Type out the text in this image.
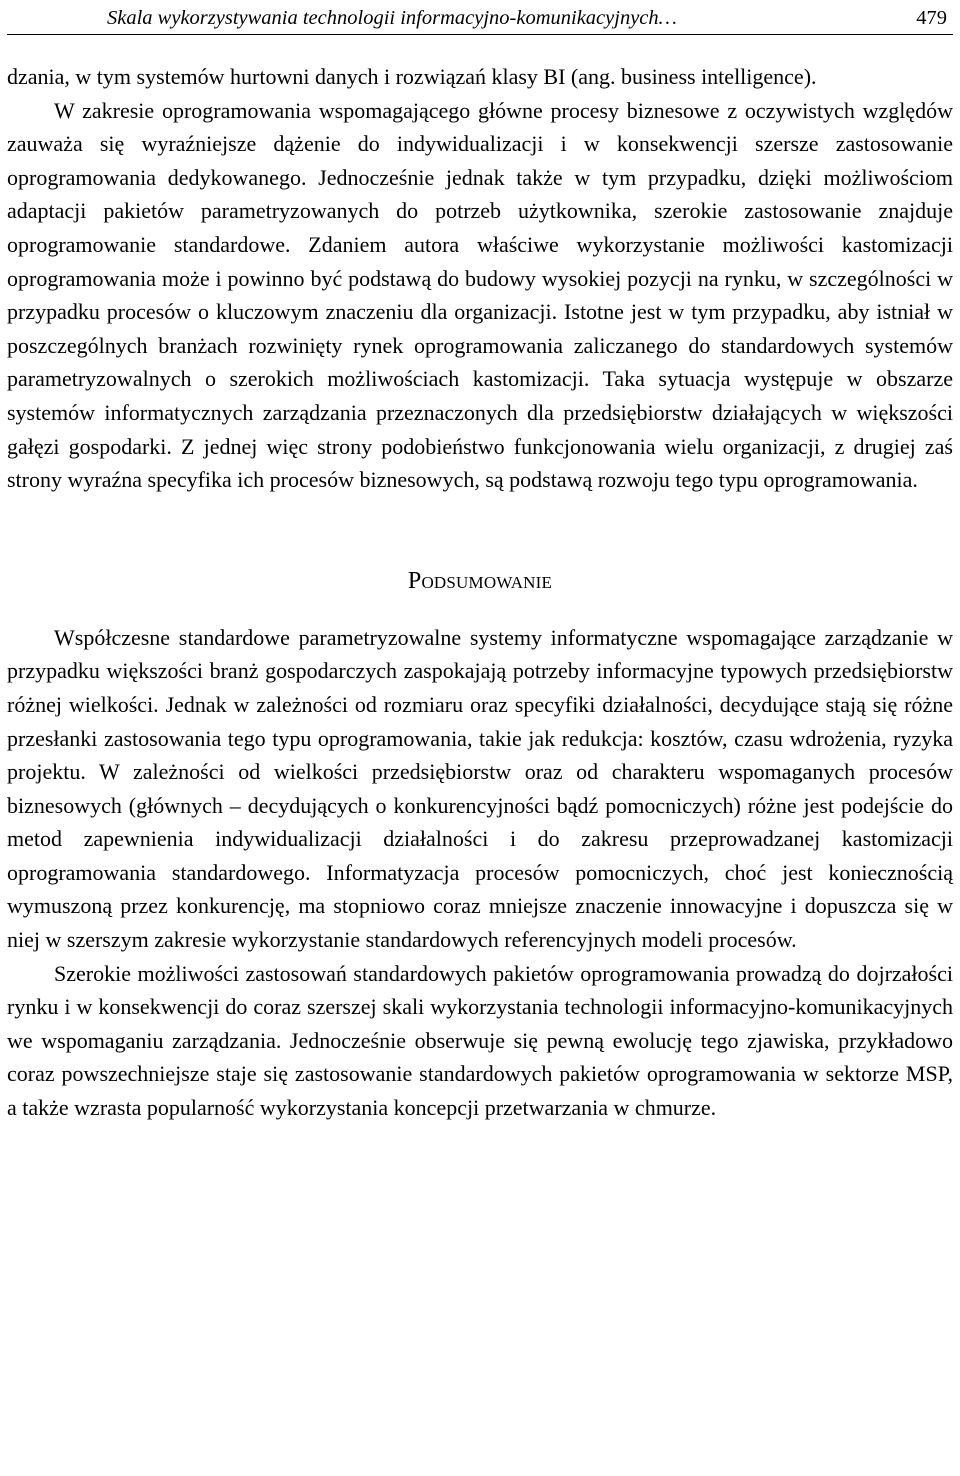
Skala wykorzystywania technologii informacyjno-komunikacyjnych…	479

dzania, w tym systemów hurtowni danych i rozwiązań klasy BI (ang. business intelligence).

W zakresie oprogramowania wspomagającego główne procesy biznesowe z oczywistych względów zauważa się wyraźniejsze dążenie do indywidualizacji i w konsekwencji szersze zastosowanie oprogramowania dedykowanego. Jednocześnie jednak także w tym przypadku, dzięki możliwościom adaptacji pakietów parametryzowanych do potrzeb użytkownika, szerokie zastosowanie znajduje oprogramowanie standardowe. Zdaniem autora właściwe wykorzystanie możliwości kastomizacji oprogramowania może i powinno być podstawą do budowy wysokiej pozycji na rynku, w szczególności w przypadku procesów o kluczowym znaczeniu dla organizacji. Istotne jest w tym przypadku, aby istniał w poszczególnych branżach rozwinięty rynek oprogramowania zaliczanego do standardowych systemów parametryzowalnych o szerokich możliwościach kastomizacji. Taka sytuacja występuje w obszarze systemów informatycznych zarządzania przeznaczonych dla przedsiębiorstw działających w większości gałęzi gospodarki. Z jednej więc strony podobieństwo funkcjonowania wielu organizacji, z drugiej zaś strony wyraźna specyfika ich procesów biznesowych, są podstawą rozwoju tego typu oprogramowania.

Podsumowanie

Współczesne standardowe parametryzowalne systemy informatyczne wspomagające zarządzanie w przypadku większości branż gospodarczych zaspokajają potrzeby informacyjne typowych przedsiębiorstw różnej wielkości. Jednak w zależności od rozmiaru oraz specyfiki działalności, decydujące stają się różne przesłanki zastosowania tego typu oprogramowania, takie jak redukcja: kosztów, czasu wdrożenia, ryzyka projektu. W zależności od wielkości przedsiębiorstw oraz od charakteru wspomaganych procesów biznesowych (głównych – decydujących o konkurencyjności bądź pomocniczych) różne jest podejście do metod zapewnienia indywidualizacji działalności i do zakresu przeprowadzanej kastomizacji oprogramowania standardowego. Informatyzacja procesów pomocniczych, choć jest koniecznością wymuszoną przez konkurencję, ma stopniowo coraz mniejsze znaczenie innowacyjne i dopuszcza się w niej w szerszym zakresie wykorzystanie standardowych referencyjnych modeli procesów.

Szerokie możliwości zastosowań standardowych pakietów oprogramowania prowadzą do dojrzałości rynku i w konsekwencji do coraz szerszej skali wykorzystania technologii informacyjno-komunikacyjnych we wspomaganiu zarządzania. Jednocześnie obserwuje się pewną ewolucję tego zjawiska, przykładowo coraz powszechniejsze staje się zastosowanie standardowych pakietów oprogramowania w sektorze MSP, a także wzrasta popularność wykorzystania koncepcji przetwarzania w chmurze.
